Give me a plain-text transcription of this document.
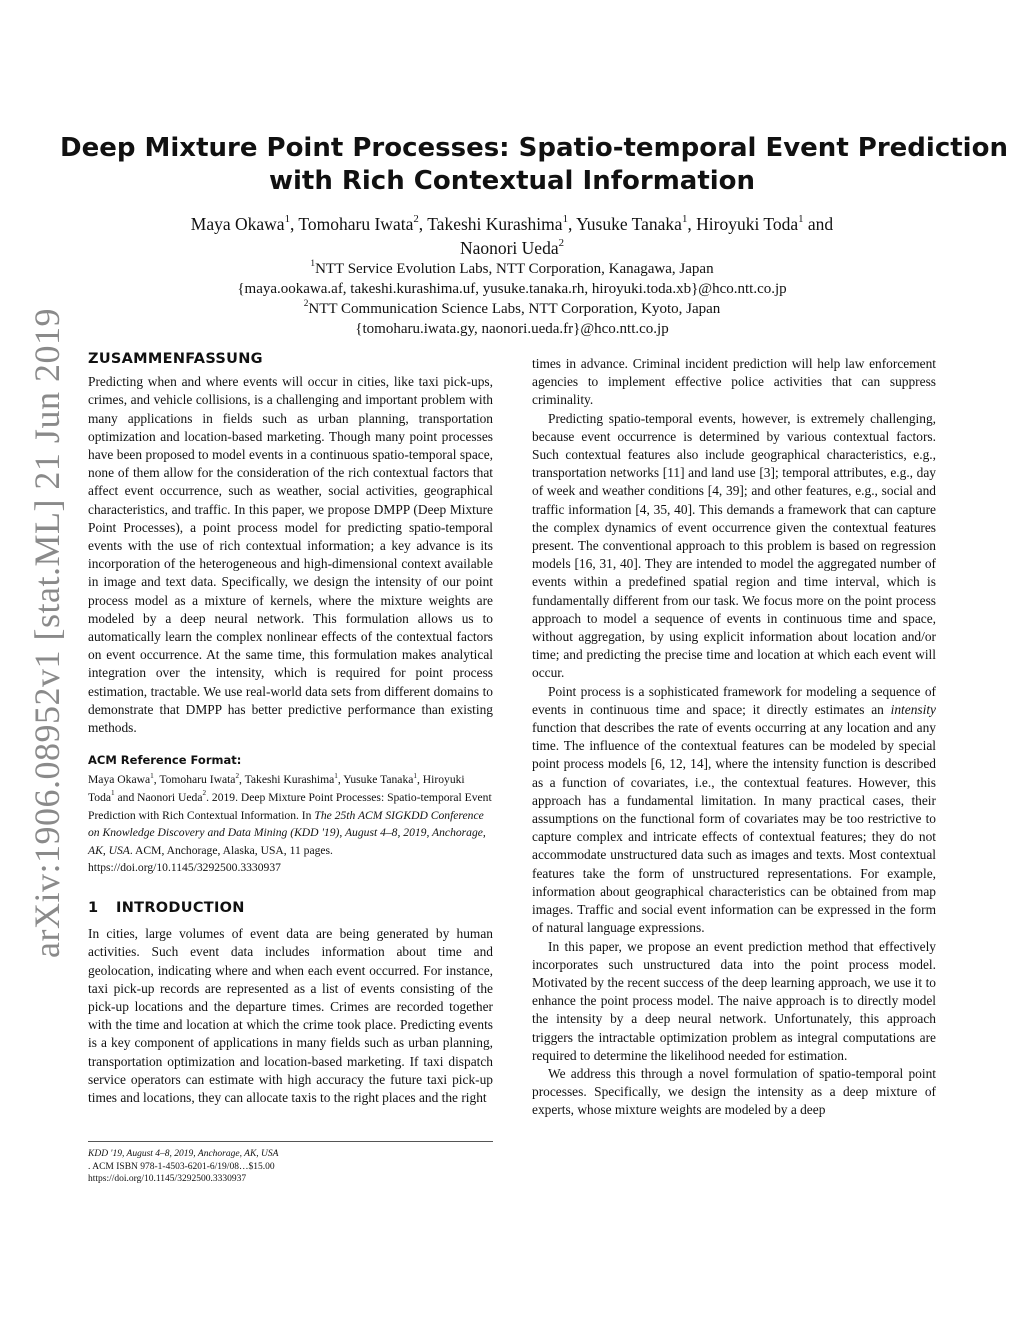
arXiv:1906.08952v1 [stat.ML] 21 Jun 2019
Deep Mixture Point Processes: Spatio-temporal Event Prediction
with Rich Contextual Information
Maya Okawa$^1$, Tomoharu Iwata$^2$, Takeshi Kurashima$^1$, Yusuke Tanaka$^1$, Hiroyuki Toda$^1$ and
Naonori Ueda$^2$
$^1$NTT Service Evolution Labs, NTT Corporation, Kanagawa, Japan
{maya.ookawa.af, takeshi.kurashima.uf, yusuke.tanaka.rh, hiroyuki.toda.xb}@hco.ntt.co.jp
$^2$NTT Communication Science Labs, NTT Corporation, Kyoto, Japan
{tomoharu.iwata.gy, naonori.ueda.fr}@hco.ntt.co.jp
ZUSAMMENFASSUNG

Predicting when and where events will occur in cities, like taxi pick-ups, crimes, and vehicle collisions, is a challenging and important problem with many applications in fields such as urban planning, transportation optimization and location-based marketing. Though many point processes have been proposed to model events in a continuous spatio-temporal space, none of them allow for the consideration of the rich contextual factors that affect event occurrence, such as weather, social activities, geographical characteristics, and traffic. In this paper, we propose DMPP (Deep Mixture Point Processes), a point process model for predicting spatio-temporal events with the use of rich contextual information; a key advance is its incorporation of the heterogeneous and high-dimensional context available in image and text data. Specifically, we design the intensity of our point process model as a mixture of kernels, where the mixture weights are modeled by a deep neural network. This formulation allows us to automatically learn the complex nonlinear effects of the contextual factors on event occurrence. At the same time, this formulation makes analytical integration over the intensity, which is required for point process estimation, tractable. We use real-world data sets from different domains to demonstrate that DMPP has better predictive performance than existing methods.

ACM Reference Format:
Maya Okawa$^1$, Tomoharu Iwata$^2$, Takeshi Kurashima$^1$, Yusuke Tanaka$^1$, Hiroyuki Toda$^1$ and Naonori Ueda$^2$. 2019. Deep Mixture Point Processes: Spatio-temporal Event Prediction with Rich Contextual Information. In The 25th ACM SIGKDD Conference on Knowledge Discovery and Data Mining (KDD '19), August 4–8, 2019, Anchorage, AK, USA. ACM, Anchorage, Alaska, USA, 11 pages. https://doi.org/10.1145/3292500.3330937
1 INTRODUCTION

In cities, large volumes of event data are being generated by human activities. Such event data includes information about time and geolocation, indicating where and when each event occurred. For instance, taxi pick-up records are represented as a list of events consisting of the pick-up locations and the departure times. Crimes are recorded together with the time and location at which the crime took place. Predicting events is a key component of applications in many fields such as urban planning, transportation optimization and location-based marketing. If taxi dispatch service operators can estimate with high accuracy the future taxi pick-up times and locations, they can allocate taxis to the right places and the right

KDD '19, August 4–8, 2019, Anchorage, AK, USA
. ACM ISBN 978-1-4503-6201-6/19/08…$15.00
https://doi.org/10.1145/3292500.3330937

times in advance. Criminal incident prediction will help law enforcement agencies to implement effective police activities that can suppress criminality.

Predicting spatio-temporal events, however, is extremely challenging, because event occurrence is determined by various contextual factors. Such contextual features also include geographical characteristics, e.g., transportation networks [11] and land use [3]; temporal attributes, e.g., day of week and weather conditions [4, 39]; and other features, e.g., social and traffic information [4, 35, 40]. This demands a framework that can capture the complex dynamics of event occurrence given the contextual features present. The conventional approach to this problem is based on regression models [16, 31, 40]. They are intended to model the aggregated number of events within a predefined spatial region and time interval, which is fundamentally different from our task. We focus more on the point process approach to model a sequence of events in continuous time and space, without aggregation, by using explicit information about location and/or time; and predicting the precise time and location at which each event will occur.

Point process is a sophisticated framework for modeling a sequence of events in continuous time and space; it directly estimates an intensity function that describes the rate of events occurring at any location and any time. The influence of the contextual features can be modeled by special point process models [6, 12, 14], where the intensity function is described as a function of covariates, i.e., the contextual features. However, this approach has a fundamental limitation. In many practical cases, their assumptions on the functional form of covariates may be too restrictive to capture complex and intricate effects of contextual features; they do not accommodate unstructured data such as images and texts. Most contextual features take the form of unstructured representations. For example, information about geographical characteristics can be obtained from map images. Traffic and social event information can be expressed in the form of natural language expressions.

In this paper, we propose an event prediction method that effectively incorporates such unstructured data into the point process model. Motivated by the recent success of the deep learning approach, we use it to enhance the point process model. The naive approach is to directly model the intensity by a deep neural network. Unfortunately, this approach triggers the intractable optimization problem as integral computations are required to determine the likelihood needed for estimation.

We address this through a novel formulation of spatio-temporal point processes. Specifically, we design the intensity as a deep mixture of experts, whose mixture weights are modeled by a deep
